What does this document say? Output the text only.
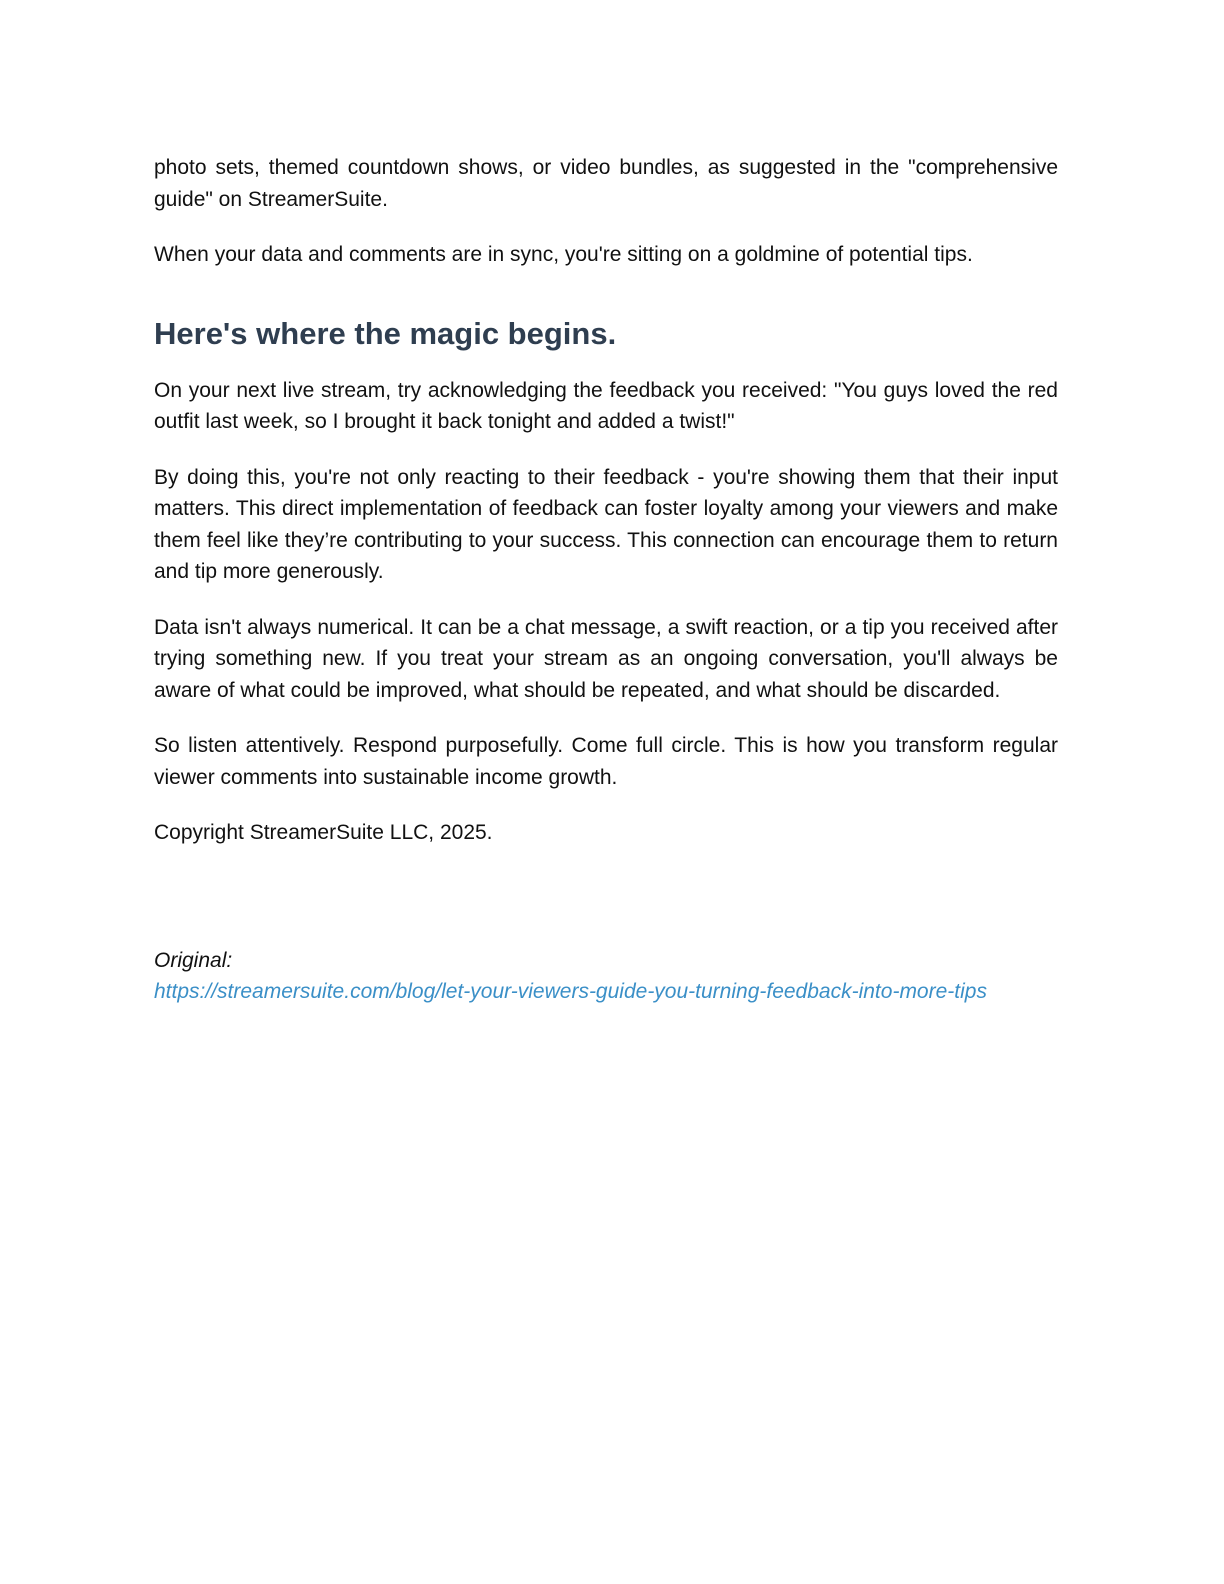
photo sets, themed countdown shows, or video bundles, as suggested in the "comprehensive guide" on StreamerSuite.

When your data and comments are in sync, you're sitting on a goldmine of potential tips.

Here's where the magic begins.

On your next live stream, try acknowledging the feedback you received: "You guys loved the red outfit last week, so I brought it back tonight and added a twist!"

By doing this, you're not only reacting to their feedback - you're showing them that their input matters. This direct implementation of feedback can foster loyalty among your viewers and make them feel like they’re contributing to your success. This connection can encourage them to return and tip more generously.

Data isn't always numerical. It can be a chat message, a swift reaction, or a tip you received after trying something new. If you treat your stream as an ongoing conversation, you'll always be aware of what could be improved, what should be repeated, and what should be discarded.

So listen attentively. Respond purposefully. Come full circle. This is how you transform regular viewer comments into sustainable income growth.

Copyright StreamerSuite LLC, 2025.

Original:

https://streamersuite.com/blog/let-your-viewers-guide-you-turning-feedback-into-more-tips
